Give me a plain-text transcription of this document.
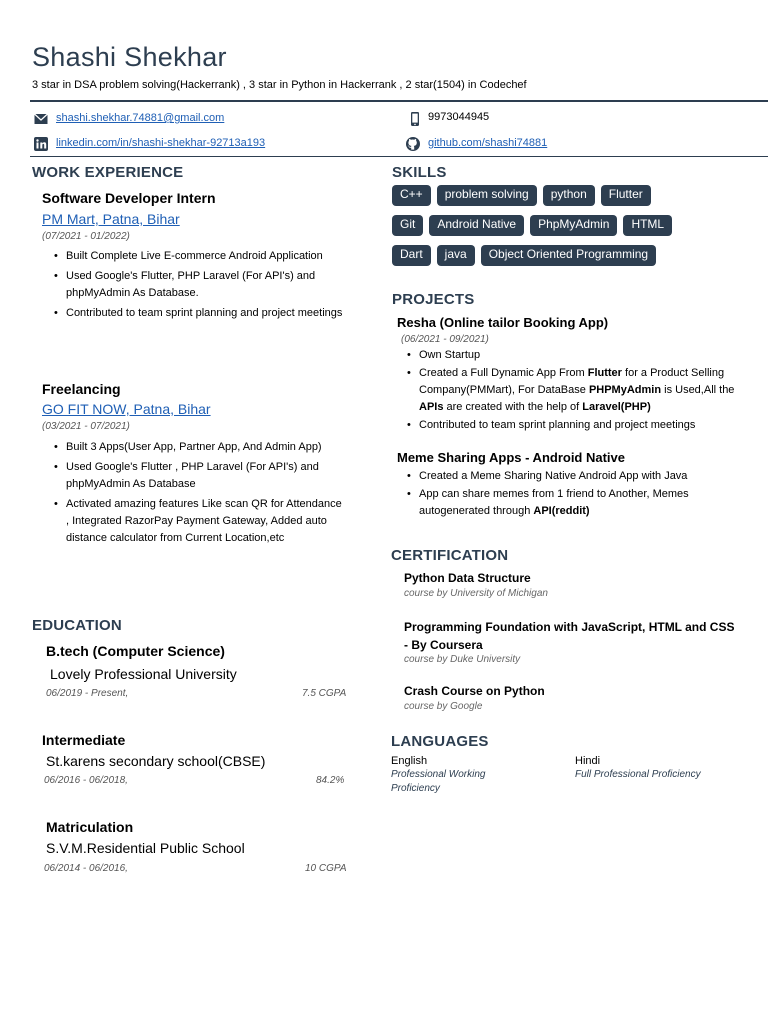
Shashi Shekhar
3 star in DSA problem solving(Hackerrank) , 3 star in Python in Hackerrank , 2 star(1504) in Codechef
shashi.shekhar.74881@gmail.com	9973044945
linkedin.com/in/shashi-shekhar-92713a193	github.com/shashi74881
WORK EXPERIENCE
Software Developer Intern
PM Mart, Patna, Bihar
(07/2021 - 01/2022)
• Built Complete Live E-commerce Android Application
• Used Google's Flutter, PHP Laravel (For API's) and phpMyAdmin As Database.
• Contributed to team sprint planning and project meetings
Freelancing
GO FIT NOW, Patna, Bihar
(03/2021 - 07/2021)
• Built 3 Apps(User App, Partner App, And Admin App)
• Used Google's Flutter , PHP Laravel (For API's) and phpMyAdmin As Database
• Activated amazing features Like scan QR for Attendance , Integrated RazorPay Payment Gateway, Added auto distance calculator from Current Location,etc
EDUCATION
B.tech (Computer Science)
Lovely Professional University
06/2019 - Present,	7.5 CGPA
Intermediate
St.karens secondary school(CBSE)
06/2016 - 06/2018,	84.2%
Matriculation
S.V.M.Residential Public School
06/2014 - 06/2016,	10 CGPA
SKILLS
C++	problem solving	python	Flutter
Git	Android Native	PhpMyAdmin	HTML
Dart	java	Object Oriented Programming
PROJECTS
Resha (Online tailor Booking App)
(06/2021 - 09/2021)
• Own Startup
• Created a Full Dynamic App From Flutter for a Product Selling Company(PMMart), For DataBase PHPMyAdmin is Used,All the APIs are created with the help of Laravel(PHP)
• Contributed to team sprint planning and project meetings
Meme Sharing Apps - Android Native
• Created a Meme Sharing Native Android App with Java
• App can share memes from 1 friend to Another, Memes autogenerated through API(reddit)
CERTIFICATION
Python Data Structure
course by University of Michigan
Programming Foundation with JavaScript, HTML and CSS - By Coursera
course by Duke University
Crash Course on Python
course by Google
LANGUAGES
English
Professional Working Proficiency
Hindi
Full Professional Proficiency
